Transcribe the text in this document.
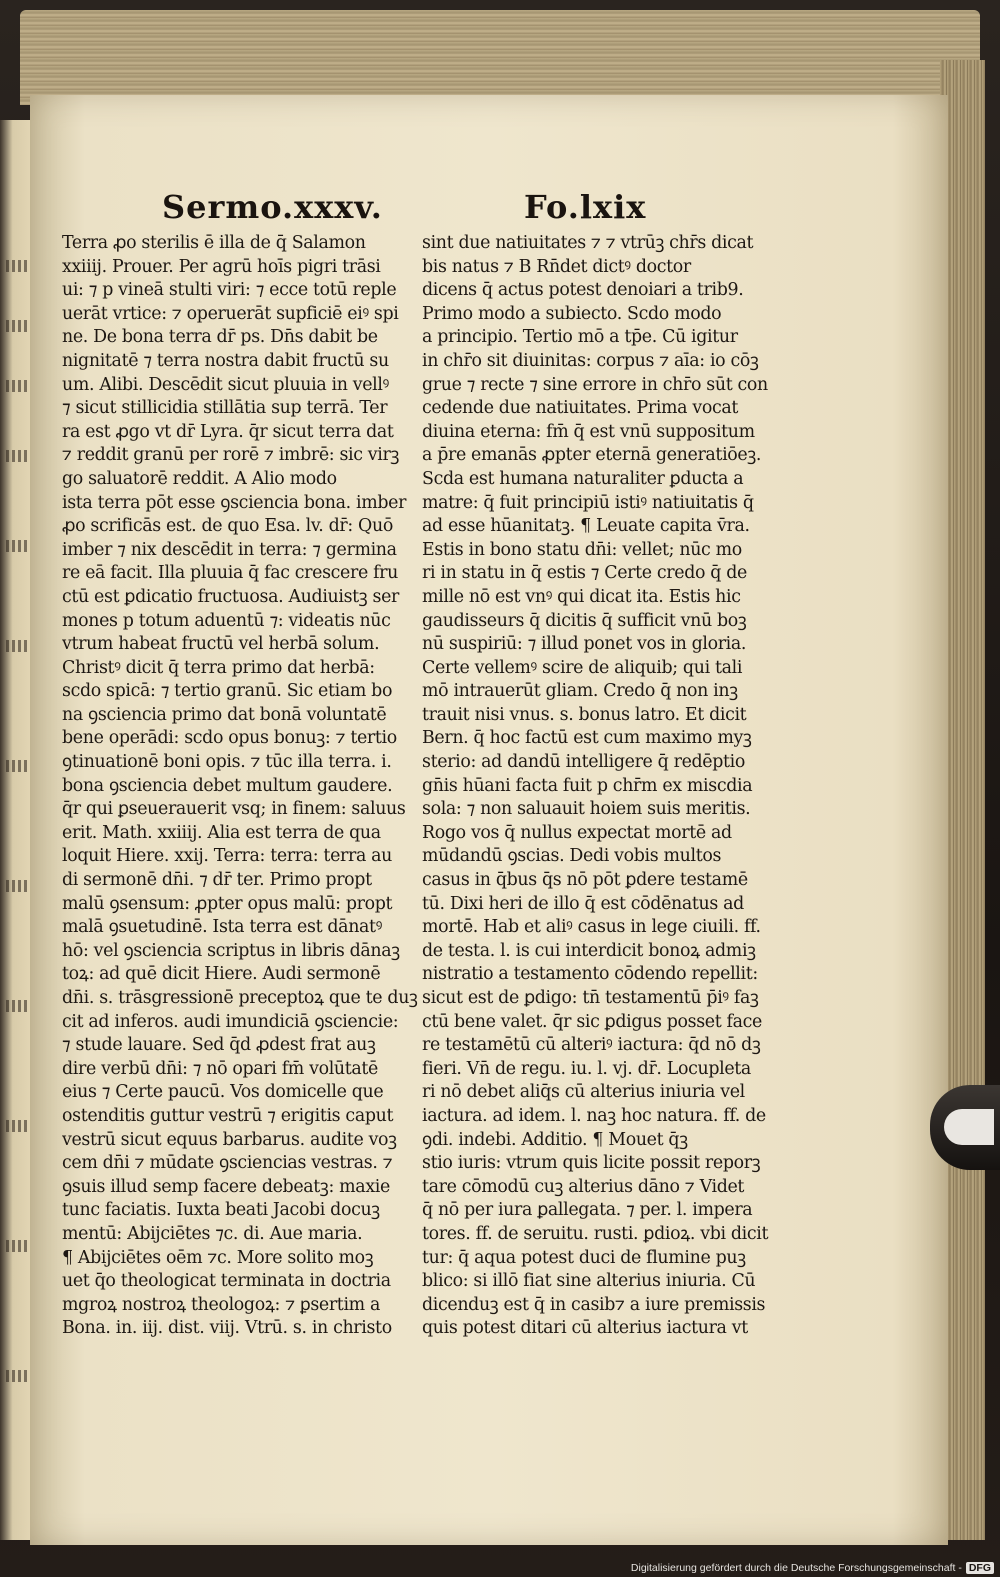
Sermo.xxxv.	Fo.lxix
Terra ꝓo sterilis ē illa de q̄ Salamon
xxiiij. Prouer. Per agrū hoīs pigri trāsi
ui: ⁊ p vineā stulti viri: ⁊ ecce totū reple
uerāt vrtice: ⁊ operuerāt supficiē eiꝰ spi
ne. De bona terra dr̄ ps. Dn̄s dabit be
nignitatē ⁊ terra nostra dabit fructū su
um. Alibi. Descēdit sicut pluuia in vellꝰ
⁊ sicut stillicidia stillātia sup terrā. Ter
ra est ꝓgo vt dr̄ Lyra. q̄r sicut terra dat
⁊ reddit granū per rorē ⁊ imbrē: sic virꝫ
go saluatorē reddit. A Alio modo
ista terra pōt esse ꝯsciencia bona. imber
ꝓo scrificās est. de quo Esa. lv. dr̄: Quō
imber ⁊ nix descēdit in terra: ⁊ germina
re eā facit. Illa pluuia q̄ fac crescere fru
ctū est ꝑdicatio fructuosa. Audiuistꝫ ser
mones p totum aduentū ⁊: videatis nūc
vtrum habeat fructū vel herbā solum.
Christꝰ dicit q̄ terra primo dat herbā:
scd̄o spicā: ⁊ tertio granū. Sic etiam bo
na ꝯsciencia primo dat bonā voluntatē
bene operādi: scd̄o opus bonuꝫ: ⁊ tertio
ꝯtinuationē boni opis. ⁊ tūc illa terra. i.
bona ꝯsciencia debet multum gaudere.
q̄r qui ꝑseuerauerit vsq; in finem: saluus
erit. Math. xxiiij. Alia est terra de qua
loquit̄ Hiere. xxij. Terra: terra: terra au
di sermonē dn̄i. ⁊ dr̄ ter. Primo propt̄
malū ꝯsensum: ꝓpter opus malū: propt̄
malā ꝯsuetudinē. Ista terra est dānatꝰ
hō: vel ꝯsciencia scriptus in libris dānaꝫ
toꝝ: ad quē dicit Hiere. Audi sermonē
dn̄i. s. trāsgressionē preceptoꝝ que te duꝫ
cit ad inferos. audi imundiciā ꝯsciencie:
⁊ stude lauare. Sed q̄d ꝓdest frat̄ auꝫ
dire verbū dn̄i: ⁊ nō opari fm̄ volūtatē
eius ⁊ Certe paucū. Vos domicelle que
ostenditis guttur vestrū ⁊ erigitis caput
vestrū sicut equus barbarus. audite voꝫ
cem dn̄i ⁊ mūdate ꝯsciencias vestras. ⁊
ꝯsuis illud semp facere debeatꝫ: maxie
tunc faciatis. Iuxta beati Jacobi docuꝫ
mentū: Abijciētes ⁊c. di. Aue maria.
¶ Abijciētes oēm ⁊c. More solito moꝫ
uet̄ q̄o theologicat̄ terminata in doctria
mgroꝝ nostroꝝ theologoꝝ: ⁊ ꝑsertim a
Bona. in. iij. dist. viij. Vtrū. s. in christo
sint due natiuitates ⁊ ⁊ vtrūꝫ chr̄s dicat̄
bis natus ⁊ B Rn̄det dictꝰ doctor
dicens q̄ actus potest denoiari a trib9.
Primo modo a subiecto. Scd̄o modo
a principio. Tertio mō a tp̄e. Cū igitur
in chr̄o sit diuinitas: corpus ⁊ aīa: io cōꝫ
grue ⁊ recte ⁊ sine errore in chr̄o sūt con
cedende due natiuitates. Prima vocat̄
diuina eterna: fm̄ q̄ est vnū suppositum
a p̄re emanās ꝓpter eternā generatiōeꝫ.
Scd̄a est humana naturaliter ꝑducta a
matre: q̄ fuit principiū istiꝰ natiuitatis q̄
ad esse hūanitatꝫ. ¶ Leuate capita v̄ra.
Estis in bono statu dn̄i: vellet; nūc mo
ri in statu in q̄ estis ⁊ Certe credo q̄ de
mille nō est vnꝰ qui dicat ita. Estis hic
gaudisseurs q̄ dicitis q̄ sufficit vnū boꝫ
nū suspiriū: ⁊ illud ponet vos in gloria.
Certe vellemꝰ scire de aliquib; qui tali
mō intrauerūt gl̄iam. Credo q̄ non inꝫ
trauit nisi vnus. s. bonus latro. Et dicit
Bern. q̄ hoc factū est cum maximo myꝫ
sterio: ad dandū intelligere q̄ redēptio
gn̄is hūani facta fuit p chr̄m ex miscd̄ia
sola: ⁊ non saluauit hoiem suis meritis.
Rogo vos q̄ nullus expectat mortē ad
mūdandū ꝯscias. Dedi vobis multos
casus in q̄bus q̄s nō pōt ꝑdere testamē
tū. Dixi heri de illo q̄ est cōdēnatus ad
mortē. Hab et̄ aliꝰ casus in lege ciuili. ff.
de testa. l. is cui interdicit̄ bonoꝝ admiꝫ
nistratio a testamento cōdendo repellit̄:
sicut est de ꝑdigo: tn̄ testamentū p̄iꝰ faꝫ
ctū bene valet. q̄r sic ꝑdigus posset face
re testamētū cū alteriꝰ iactura: q̄d nō dꝫ
fieri. Vn̄ de regu. iu. l. vj. dr̄. Locupleta
ri nō debet aliq̄s cū alterius iniuria vel
iactura. ad idem. l. naꝫ hoc natura. ff. de
ꝯdi. indebi. Additio. ¶ Mouet̄ q̄ꝫ
stio iuris: vtrum quis licite possit reporꝫ
tare cōmodū cuꝫ alterius dāno ⁊ Videt̄
q̄ nō per iura ꝑallegata. ⁊ per. l. impera
tores. ff. de seruitu. rusti. ꝑdioꝝ. vbi dicit̄
tur: q̄ aqua potest duci de flumine puꝫ
blico: si illō fiat sine alterius iniuria. Cū
dicenduꝫ est q̄ in casib⁊ a iure premissis
quis potest ditari cū alterius iactura vt
Digitalisierung gefördert durch die Deutsche Forschungsgemeinschaft - DFG
